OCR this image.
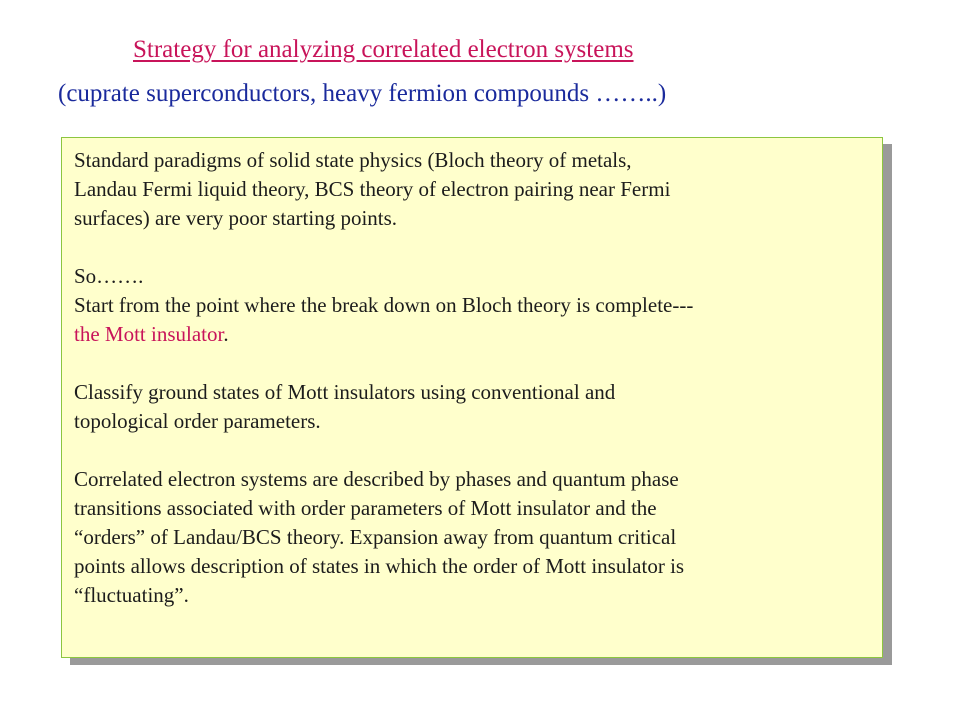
Strategy for analyzing correlated electron systems

(cuprate superconductors, heavy fermion compounds ……..)

Standard paradigms of solid state physics (Bloch theory of metals,
Landau Fermi liquid theory, BCS theory of electron pairing near Fermi
surfaces) are very poor starting points.

So…….
Start from the point where the break down on Bloch theory is complete---
the Mott insulator.

Classify ground states of Mott insulators using conventional and
topological order parameters.

Correlated electron systems are described by phases and quantum phase
transitions associated with order parameters of Mott insulator and the
“orders” of Landau/BCS theory. Expansion away from quantum critical
points allows description of states in which the order of Mott insulator is
“fluctuating”.
